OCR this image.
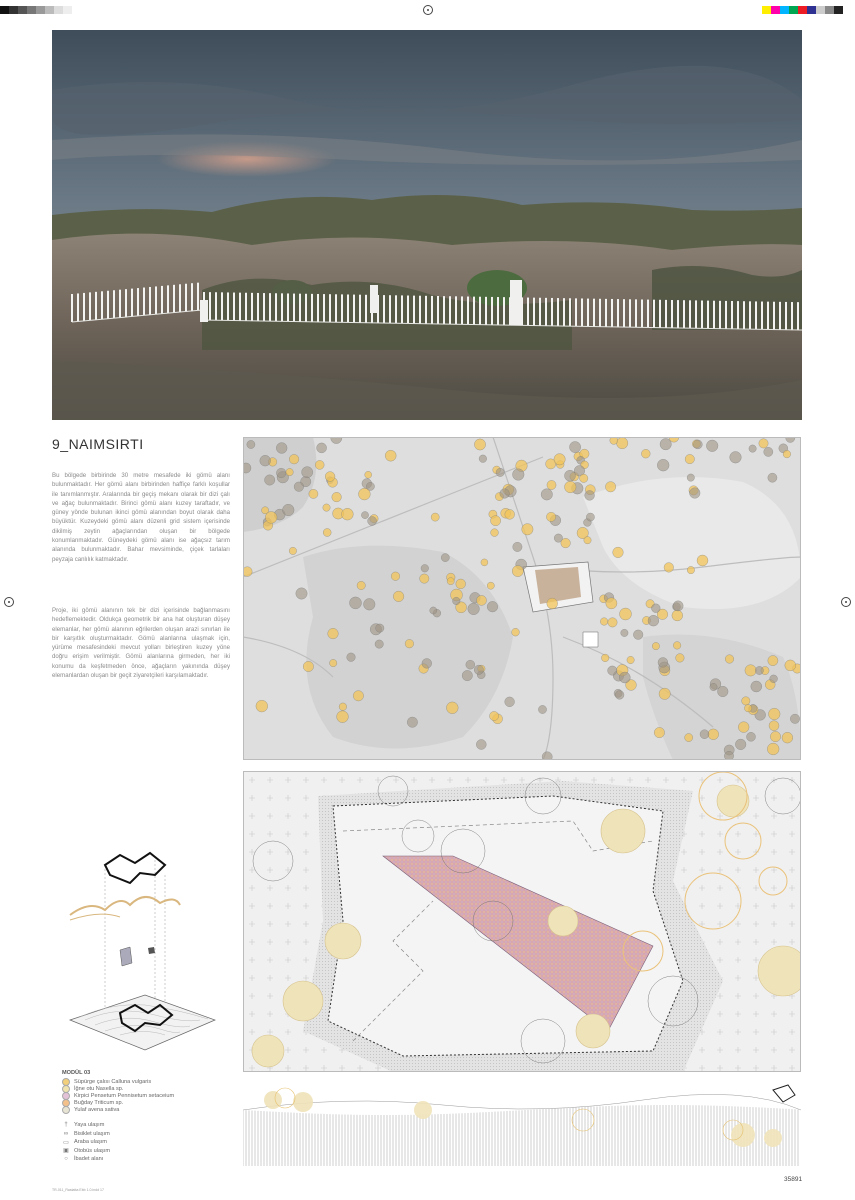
9_NAIMSIRTI
Bu bölgede birbirinde 30 metre mesafede iki gömü alanı bulunmaktadır. Her gömü alanı birbirinden haffiçe farklı koşullar ile tanımlanmıştır. Aralarında bir geçiş mekanı olarak bir dizi çalı ve ağaç bulunmaktadır. Birinci gömü alanı kuzey taraftadır, ve güney yönde bulunan ikinci gömü alanından boyut olarak daha büyüktür. Kuzeydeki gömü alanı düzenli grid sistem içerisinde dikilmiş zeytin ağaçlarından oluşan bir bölgede konumlanmaktadır. Güneydeki gömü alanı ise ağaçsız tarım alanında bulunmaktadır. Bahar mevsiminde, çiçek tarlaları peyzaja canlılık katmaktadır.
Proje, iki gömü alanının tek bir dizi içerisinde bağlanmasını hedeflemektedir. Oldukça geometrik bir ana hat oluşturan düşey elemanlar, her gömü alanının eğrilerden oluşan arazi sınırları ile bir karşıtlık oluşturmaktadır. Gömü alanlarına ulaşmak için, yürüme mesafesindeki mevcut yolları birleştiren kuzey yöne doğru erişim verilmiştir. Gömü alanlarına girmeden, her iki konumu da keşfetmeden önce, ağaçların yakınında düşey elemanlardan oluşan bir geçit ziyaretçileri karşılamaktadır.
MODÜL 03
Süpürge çalısı Calluna vulgaris
İğne otu Nasella sp.
Kirpici Pensetum Pennisetum setaceium
Buğday Triticum sp.
Yulaf avena sativa
†	Yaya ulaşım
∞	Bisiklet ulaşım
▭ Araba ulaşım
▣ Otobüs ulaşım
○	İbadet alanı
35891
TR-011_Rastatta Ebb 1.0.indd 17
